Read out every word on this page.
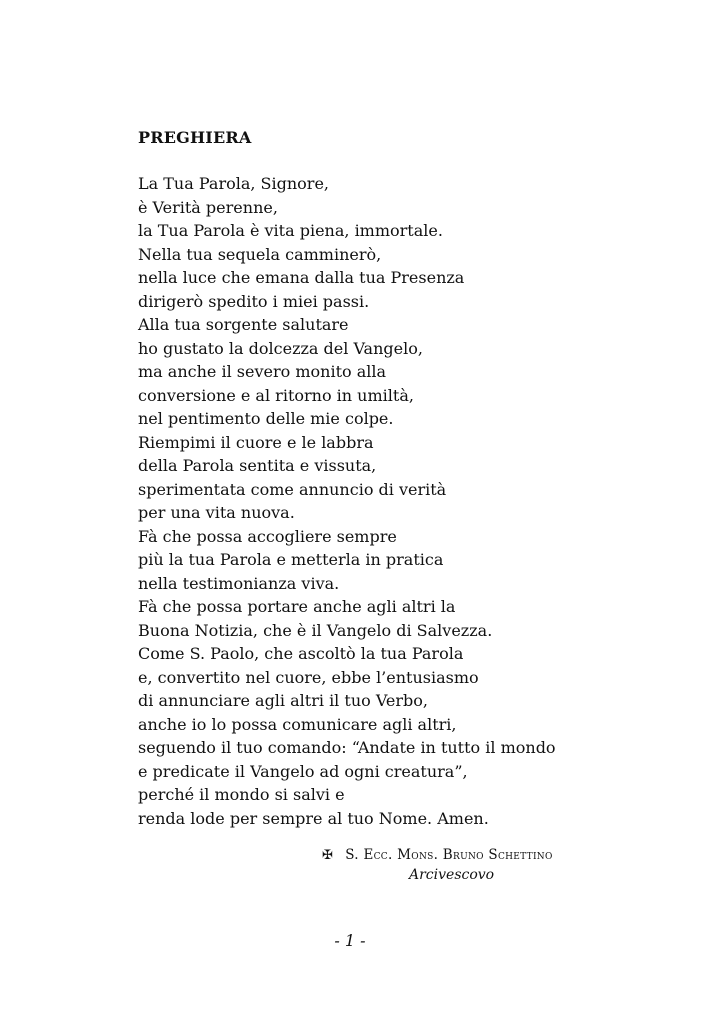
PREGHIERA
La Tua Parola, Signore,
è Verità perenne,
la Tua Parola è vita piena, immortale.
Nella tua sequela camminerò,
nella luce che emana dalla tua Presenza
dirigerò spedito i miei passi.
Alla tua sorgente salutare
ho gustato la dolcezza del Vangelo,
ma anche il severo monito alla
conversione e al ritorno in umiltà,
nel pentimento delle mie colpe.
Riempimi il cuore e le labbra
della Parola sentita e vissuta,
sperimentata come annuncio di verità
per una vita nuova.
Fà che possa accogliere sempre
più la tua Parola e metterla in pratica
nella testimonianza viva.
Fà che possa portare anche agli altri la
Buona Notizia, che è il Vangelo di Salvezza.
Come S. Paolo, che ascoltò la tua Parola
e, convertito nel cuore, ebbe l’entusiasmo
di annunciare agli altri il tuo Verbo,
anche io lo possa comunicare agli altri,
seguendo il tuo comando: “Andate in tutto il mondo
e predicate il Vangelo ad ogni creatura”,
perché il mondo si salvi e
renda lode per sempre al tuo Nome. Amen.
✠ S. Ecc. Mons. Bruno Schettino
Arcivescovo
- 1 -
